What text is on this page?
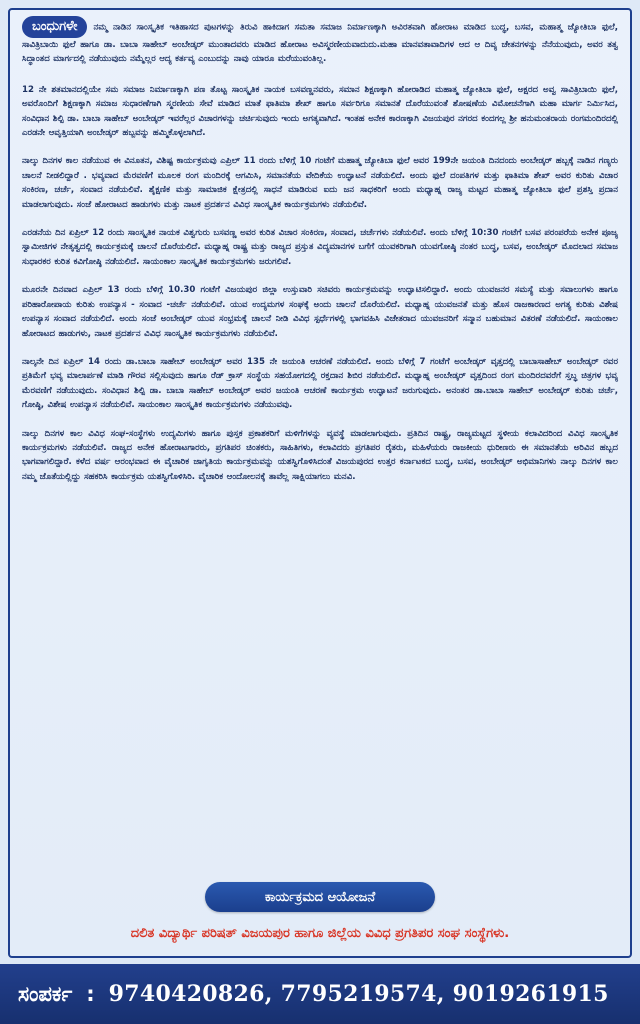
ಬಂಧುಗಳೇ ನಮ್ಮ ನಾಡಿನ ಸಾಂಸ್ಕೃತಿಕ ಇತಿಹಾಸದ ಪುಟಗಳನ್ನು ತಿರುವಿ ಹಾಕಿದಾಗ ಸಮತಾ ಸಮಾಜ ನಿರ್ಮಾಣಕ್ಕಾಗಿ ಅವಿರತವಾಗಿ ಹೋರಾಟ ಮಾಡಿದ ಬುದ್ಧ, ಬಸವ, ಮಹಾತ್ಮ ಜ್ಯೋತಿಬಾ ಫುಲೆ, ಸಾವಿತ್ರಿಬಾಯಿ ಫುಲೆ ಹಾಗೂ ಡಾ. ಬಾಬಾ ಸಾಹೇಬ್ ಅಂಬೇಡ್ಕರ್ ಮುಂತಾದವರು ಮಾಡಿದ ಹೋರಾಟ ಅವಿಸ್ಮರಣೀಯವಾದುದು.ಮಹಾ ಮಾನವತಾವಾದಿಗಳ ಆದ ಆ ದಿವ್ಯ ಚೇತನಗಳನ್ನು ನೆನೆಯುವುದು, ಅವರ ತತ್ವ ಸಿದ್ಧಾಂತದ ಮಾರ್ಗದಲ್ಲಿ ನಡೆಯುವುದು ನಮ್ಮೆಲ್ಲರ ಆದ್ಯ ಕರ್ತವ್ಯ ಎಂಬುದನ್ನು ನಾವು ಯಾರೂ ಮರೆಯುವಂತಿಲ್ಲ.

12 ನೇ ಶತಮಾನದಲ್ಲಿಯೇ ಸಮ ಸಮಾಜ ನಿರ್ಮಾಣಕ್ಕಾಗಿ ಪಣ ತೊಟ್ಟ ಸಾಂಸ್ಕೃತಿಕ ನಾಯಕ ಬಸವಣ್ಣನವರು, ಸಮಾನ ಶಿಕ್ಷಣಕ್ಕಾಗಿ ಹೋರಾಡಿದ ಮಹಾತ್ಮ ಜ್ಯೋತಿಬಾ ಫುಲೆ, ಅಕ್ಷರದ ಅವ್ವ ಸಾವಿತ್ರಿಬಾಯಿ ಫುಲೆ, ಅವರೊಂದಿಗೆ ಶಿಕ್ಷಣಕ್ಕಾಗಿ ಸಮಾಜ ಸುಧಾರಣೆಗಾಗಿ ಸ್ಮರಣೀಯ ಸೇವೆ ಮಾಡಿದ ಮಾತೆ ಫಾತಿಮಾ ಶೇಖ್ ಹಾಗೂ ಸರ್ವರಿಗೂ ಸಮಾನತೆ ದೊರೆಯುವಂತೆ ಶೋಷಣೆಯ ವಿಮೋಚನೆಗಾಗಿ ಮಹಾ ಮಾರ್ಗ ನಿರ್ಮಿಸಿದ, ಸಂವಿಧಾನ ಶಿಲ್ಪಿ ಡಾ. ಬಾಬಾ ಸಾಹೇಬ್ ಅಂಬೇಡ್ಕರ್ ಇವರೆಲ್ಲರ ವಿಚಾರಗಳನ್ನು ಚರ್ಚಿಸುವುದು ಇಂದು ಅಗತ್ಯವಾಗಿದೆ. ಇಂತಹ ಅನೇಕ ಕಾರಣಕ್ಕಾಗಿ ವಿಜಯಪುರ ನಗರದ ಕಂದಗಲ್ಲ ಶ್ರೀ ಹನುಮಂತರಾಯ ರಂಗಮಂದಿರದಲ್ಲಿ ಎರಡನೇ ಆವೃತ್ತಿಯಾಗಿ ಅಂಬೇಡ್ಕರ್ ಹಬ್ಬವನ್ನು ಹಮ್ಮಿಕೊಳ್ಳಲಾಗಿದೆ.

ನಾಲ್ಕು ದಿನಗಳ ಕಾಲ ನಡೆಯುವ ಈ ವಿನೂತನ, ವಿಶಿಷ್ಟ ಕಾರ್ಯಕ್ರಮವು ಎಪ್ರಿಲ್ 11 ರಂದು ಬೆಳಿಗ್ಗೆ 10 ಗಂಟೆಗೆ ಮಹಾತ್ಮ ಜ್ಯೋತಿಬಾ ಫುಲೆ ಅವರ 199ನೇ ಜಯಂತಿ ದಿನದಂದು ಅಂಬೇಡ್ಕರ್ ಹಬ್ಬಕ್ಕೆ ನಾಡಿನ ಗಣ್ಯರು ಚಾಲನೆ ನೀಡಲಿದ್ದಾರೆ . ಭವ್ಯವಾದ ಮೆರವಣಿಗೆ ಮೂಲಕ ರಂಗ ಮಂದಿರಕ್ಕೆ ಆಗಮಿಸಿ, ಸಮಾನತೆಯ ವೇದಿಕೆಯ ಉದ್ಘಾಟನೆ ನಡೆಯಲಿದೆ. ಅಂದು ಫುಲೆ ದಂಪತಿಗಳ ಮತ್ತು ಫಾತಿಮಾ ಶೇಖ್ ಅವರ ಕುರಿತು ವಿಚಾರ ಸಂಕಿರಣ, ಚರ್ಚೆ, ಸಂವಾದ ನಡೆಯಲಿವೆ. ಶೈಕ್ಷಣಿಕ ಮತ್ತು ಸಾಮಾಜಿಕ ಕ್ಷೇತ್ರದಲ್ಲಿ ಸಾಧನೆ ಮಾಡಿರುವ ಐದು ಜನ ಸಾಧಕರಿಗೆ ಅಂದು ಮಧ್ಯಾಹ್ನ ರಾಜ್ಯ ಮಟ್ಟದ ಮಹಾತ್ಮ ಜ್ಯೋತಿಬಾ ಫುಲೆ ಪ್ರಶಸ್ತಿ ಪ್ರದಾನ ಮಾಡಲಾಗುವುದು. ಸಂಜೆ ಹೋರಾಟದ ಹಾಡುಗಳು ಮತ್ತು ನಾಟಕ ಪ್ರದರ್ಶನ ವಿವಿಧ ಸಾಂಸ್ಕೃತಿಕ ಕಾರ್ಯಕ್ರಮಗಳು ನಡೆಯಲಿವೆ.

ಎರಡನೆಯ ದಿನ ಏಪ್ರಿಲ್ 12 ರಂದು ಸಾಂಸ್ಕೃತಿಕ ನಾಯಕ ವಿಶ್ವಗುರು ಬಸವಣ್ಣ ಅವರ ಕುರಿತ ವಿಚಾರ ಸಂಕಿರಣ, ಸಂವಾದ, ಚರ್ಚೆಗಳು ನಡೆಯಲಿವೆ. ಅಂದು ಬೆಳಿಗ್ಗೆ 10:30 ಗಂಟೆಗೆ ಬಸವ ಪರಂಪರೆಯ ಅನೇಕ ಪೂಜ್ಯ ಸ್ವಾಮೀಜಿಗಳ ನೇತೃತ್ವದಲ್ಲಿ ಕಾರ್ಯಕ್ರಮಕ್ಕೆ ಚಾಲನೆ ದೊರೆಯಲಿದೆ. ಮಧ್ಯಾಹ್ನ ರಾಷ್ಟ್ರ ಮತ್ತು ರಾಜ್ಯದ ಪ್ರಸ್ತುತ ವಿದ್ಯಮಾನಗಳ ಬಗೆಗೆ ಯುವಕರಿಗಾಗಿ ಯುವಗೋಷ್ಠಿ ನಂತರ ಬುದ್ಧ, ಬಸವ, ಅಂಬೇಡ್ಕರ್ ಮೊದಲಾದ ಸಮಾಜ ಸುಧಾರಕರ ಕುರಿತ ಕವಿಗೋಷ್ಠಿ ನಡೆಯಲಿದೆ. ಸಾಯಂಕಾಲ ಸಾಂಸ್ಕೃತಿಕ ಕಾರ್ಯಕ್ರಮಗಳು ಜರುಗಲಿವೆ.

ಮೂರನೇ ದಿನವಾದ ಎಪ್ರಿಲ್ 13 ರಂದು ಬೆಳಿಗ್ಗೆ 10.30 ಗಂಟೆಗೆ ವಿಜಯಪುರ ಜಿಲ್ಲಾ ಉಸ್ತುವಾರಿ ಸಚಿವರು ಕಾರ್ಯಕ್ರಮವನ್ನು ಉದ್ಘಾಟಿಸಲಿದ್ದಾರೆ. ಅಂದು ಯುವಜನರ ಸಮಸ್ಯೆ ಮತ್ತು ಸವಾಲುಗಳು ಹಾಗೂ ಪರಿಹಾರೋಪಾಯ ಕುರಿತು ಉಪನ್ಯಾಸ - ಸಂವಾದ -ಚರ್ಚೆ ನಡೆಯಲಿವೆ. ಯುವ ಉದ್ಯಮಗಳ ಸಂಘಕ್ಕೆ ಅಂದು ಚಾಲನೆ ದೊರೆಯಲಿದೆ. ಮಧ್ಯಾಹ್ನ ಯುವಜನತೆ ಮತ್ತು ಹೊಸ ರಾಜಕಾರಣದ ಅಗತ್ಯ ಕುರಿತು ವಿಶೇಷ ಉಪನ್ಯಾಸ ಸಂವಾದ ನಡೆಯಲಿದೆ. ಅಂದು ಸಂಜೆ ಅಂಬೇಡ್ಕರ್ ಯುವ ಸಂಭ್ರಮಕ್ಕೆ ಚಾಲನೆ ನೀಡಿ ವಿವಿಧ ಸ್ಪರ್ಧೆಗಳಲ್ಲಿ ಭಾಗವಹಿಸಿ ವಿಜೇತರಾದ ಯುವಜನರಿಗೆ ಸನ್ಮಾನ ಬಹುಮಾನ ವಿತರಣೆ ನಡೆಯಲಿದೆ. ಸಾಯಂಕಾಲ ಹೋರಾಟದ ಹಾಡುಗಳು, ನಾಟಕ ಪ್ರದರ್ಶನ ವಿವಿಧ ಸಾಂಸ್ಕೃತಿಕ ಕಾರ್ಯಕ್ರಮಗಳು ನಡೆಯಲಿವೆ.

ನಾಲ್ಕನೇ ದಿನ ಏಪ್ರಿಲ್ 14 ರಂದು ಡಾ.ಬಾಬಾ ಸಾಹೇಬ್ ಅಂಬೇಡ್ಕರ್ ಅವರ 135 ನೇ ಜಯಂತಿ ಆಚರಣೆ ನಡೆಯಲಿದೆ. ಅಂದು ಬೆಳಿಗ್ಗೆ 7 ಗಂಟೆಗೆ ಅಂಬೇಡ್ಕರ್ ವೃತ್ತದಲ್ಲಿ ಬಾಬಾಸಾಹೇಬ್ ಅಂಬೇಡ್ಕರ್ ರವರ ಪ್ರತಿಮೆಗೆ ಭವ್ಯ ಮಾಲಾರ್ಪಣೆ ಮಾಡಿ ಗೌರವ ಸಲ್ಲಿಸುವುದು ಹಾಗೂ ರೆಡ್ ಕ್ರಾಸ್ ಸಂಸ್ಥೆಯ ಸಹಯೋಗದಲ್ಲಿ ರಕ್ತದಾನ ಶಿಬಿರ ನಡೆಯಲಿದೆ. ಮಧ್ಯಾಹ್ನ ಅಂಬೇಡ್ಕರ್ ವೃತ್ತದಿಂದ ರಂಗ ಮಂದಿರದವರೆಗೆ ಸ್ತಬ್ಧ ಚಿತ್ರಗಳ ಭವ್ಯ ಮೆರವಣಿಗೆ ನಡೆಯುವುದು. ಸಂವಿಧಾನ ಶಿಲ್ಪಿ ಡಾ. ಬಾಬಾ ಸಾಹೇಬ್ ಅಂಬೇಡ್ಕರ್ ಅವರ ಜಯಂತಿ ಆಚರಣೆ ಕಾರ್ಯಕ್ರಮ ಉದ್ಘಾಟನೆ ಜರುಗುವುದು. ಅನಂತರ ಡಾ.ಬಾಬಾ ಸಾಹೇಬ್ ಅಂಬೇಡ್ಕರ್ ಕುರಿತು ಚರ್ಚೆ, ಗೋಷ್ಠಿ, ವಿಶೇಷ ಉಪನ್ಯಾಸ ನಡೆಯಲಿವೆ. ಸಾಯಂಕಾಲ ಸಾಂಸ್ಕೃತಿಕ ಕಾರ್ಯಕ್ರಮಗಳು ನಡೆಯುವವು.

ನಾಲ್ಕು ದಿನಗಳ ಕಾಲ ವಿವಿಧ ಸಂಘ-ಸಂಸ್ಥೆಗಳು ಉದ್ಯಮಿಗಳು ಹಾಗೂ ಪುಸ್ತಕ ಪ್ರಕಾಶಕರಿಗೆ ಮಳಿಗೆಗಳನ್ನು ವ್ಯವಸ್ಥೆ ಮಾಡಲಾಗುವುದು. ಪ್ರತಿದಿನ ರಾಷ್ಟ್ರ, ರಾಜ್ಯಮಟ್ಟದ ಸ್ಥಳೀಯ ಕಲಾವಿದರಿಂದ ವಿವಿಧ ಸಾಂಸ್ಕೃತಿಕ ಕಾರ್ಯಕ್ರಮಗಳು ನಡೆಯಲಿವೆ. ರಾಜ್ಯದ ಅನೇಕ ಹೋರಾಟಗಾರರು, ಪ್ರಗತಿಪರ ಚಿಂತಕರು, ಸಾಹಿತಿಗಳು, ಕಲಾವಿದರು ಪ್ರಗತಿಪರ ರೈತರು, ಮಹಿಳೆಯರು ರಾಜಕೀಯ ಧುರೀಣರು ಈ ಸಮಾನತೆಯ ಅರಿವಿನ ಹಬ್ಬದ ಭಾಗವಾಗಲಿದ್ದಾರೆ. ಕಳೆದ ವರ್ಷ ಆರಂಭವಾದ ಈ ವೈಚಾರಿಕ ಜಾಗೃತಿಯ ಕಾರ್ಯಕ್ರಮವನ್ನು ಯಶಸ್ವಿಗೊಳಿಸಿದಂತೆ ವಿಜಯಪುರದ ಉತ್ತರ ಕರ್ನಾಟಕದ ಬುದ್ಧ, ಬಸವ, ಅಂಬೇಡ್ಕರ್ ಅಭಿಮಾನಿಗಳು ನಾಲ್ಕು ದಿನಗಳ ಕಾಲ ನಮ್ಮ ಜೊತೆಯಲ್ಲಿದ್ದು ಸಹಕರಿಸಿ ಕಾರ್ಯಕ್ರಮ ಯಶಸ್ವಿಗೊಳಿಸಿರಿ. ವೈಚಾರಿಕ ಆಂದೋಲನಕ್ಕೆ ತಾವೆಲ್ಲ ಸಾಕ್ಷಿಯಾಗಲು ಮನವಿ.

ಕಾರ್ಯಕ್ರಮದ ಆಯೋಜನೆ
ದಲಿತ ವಿದ್ಯಾರ್ಥಿ ಪರಿಷತ್ ವಿಜಯಪುರ ಹಾಗೂ ಜಿಲ್ಲೆಯ ವಿವಿಧ ಪ್ರಗತಿಪರ ಸಂಘ ಸಂಸ್ಥೆಗಳು.
ಸಂಪರ್ಕ : 9740420826, 7795219574, 9019261915
